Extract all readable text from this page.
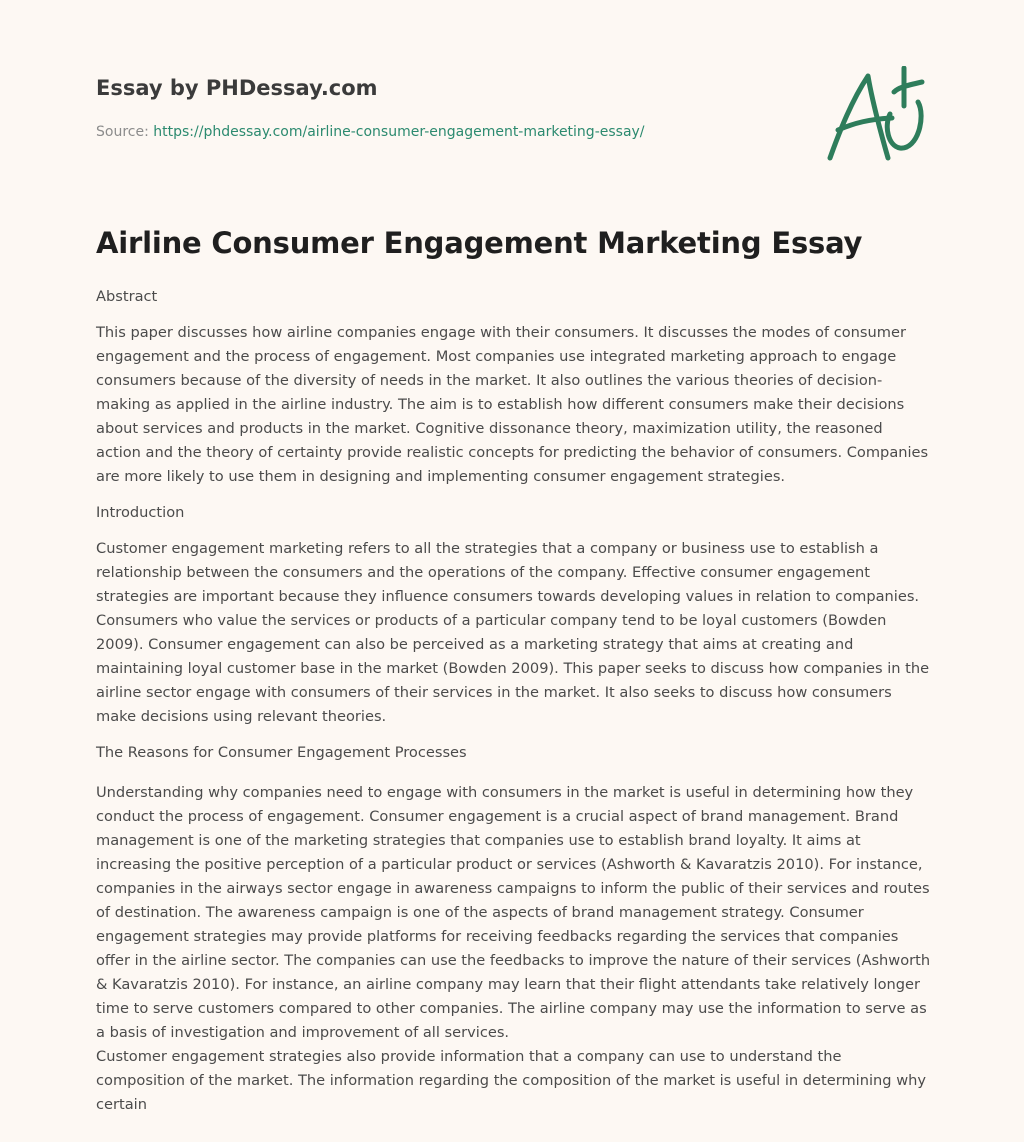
Essay by PHDessay.com
Source: https://phdessay.com/airline-consumer-engagement-marketing-essay/
Airline Consumer Engagement Marketing Essay
Abstract

This paper discusses how airline companies engage with their consumers. It discusses the modes of consumer engagement and the process of engagement. Most companies use integrated marketing approach to engage consumers because of the diversity of needs in the market. It also outlines the various theories of decision-making as applied in the airline industry. The aim is to establish how different consumers make their decisions about services and products in the market. Cognitive dissonance theory, maximization utility, the reasoned action and the theory of certainty provide realistic concepts for predicting the behavior of consumers. Companies are more likely to use them in designing and implementing consumer engagement strategies.

Introduction

Customer engagement marketing refers to all the strategies that a company or business use to establish a relationship between the consumers and the operations of the company. Effective consumer engagement strategies are important because they influence consumers towards developing values in relation to companies. Consumers who value the services or products of a particular company tend to be loyal customers (Bowden 2009). Consumer engagement can also be perceived as a marketing strategy that aims at creating and maintaining loyal customer base in the market (Bowden 2009). This paper seeks to discuss how companies in the airline sector engage with consumers of their services in the market. It also seeks to discuss how consumers make decisions using relevant theories.

The Reasons for Consumer Engagement Processes

Understanding why companies need to engage with consumers in the market is useful in determining how they conduct the process of engagement. Consumer engagement is a crucial aspect of brand management. Brand management is one of the marketing strategies that companies use to establish brand loyalty. It aims at increasing the positive perception of a particular product or services (Ashworth & Kavaratzis 2010). For instance, companies in the airways sector engage in awareness campaigns to inform the public of their services and routes of destination. The awareness campaign is one of the aspects of brand management strategy. Consumer engagement strategies may provide platforms for receiving feedbacks regarding the services that companies offer in the airline sector. The companies can use the feedbacks to improve the nature of their services (Ashworth & Kavaratzis 2010). For instance, an airline company may learn that their flight attendants take relatively longer time to serve customers compared to other companies. The airline company may use the information to serve as a basis of investigation and improvement of all services.

Customer engagement strategies also provide information that a company can use to understand the composition of the market. The information regarding the composition of the market is useful in determining why certain
